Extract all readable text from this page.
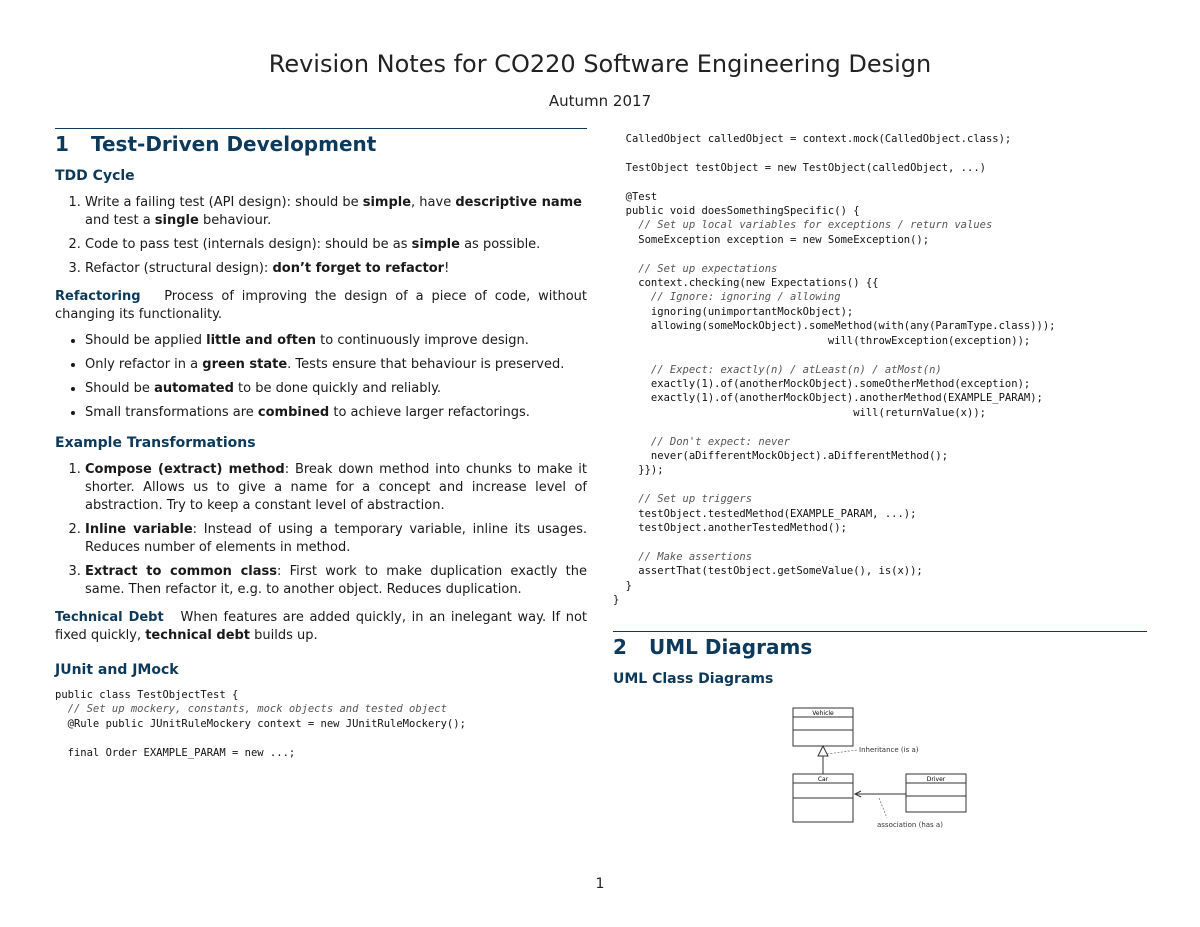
Revision Notes for CO220 Software Engineering Design
Autumn 2017
1 Test-Driven Development
TDD Cycle
1. Write a failing test (API design): should be simple, have descriptive name and test a single behaviour.
2. Code to pass test (internals design): should be as simple as possible.
3. Refactor (structural design): don’t forget to refactor!

Refactoring Process of improving the design of a piece of code, without changing its functionality.

• Should be applied little and often to continuously improve design.
• Only refactor in a green state. Tests ensure that behaviour is preserved.
• Should be automated to be done quickly and reliably.
• Small transformations are combined to achieve larger refactorings.
Example Transformations
1. Compose (extract) method: Break down method into chunks to make it shorter. Allows us to give a name for a concept and increase level of abstraction. Try to keep a constant level of abstraction.
2. Inline variable: Instead of using a temporary variable, inline its usages. Reduces number of elements in method.
3. Extract to common class: First work to make duplication exactly the same. Then refactor it, e.g. to another object. Reduces duplication.

Technical Debt When features are added quickly, in an inelegant way. If not fixed quickly, technical debt builds up.

JUnit and JMock
public class TestObjectTest {
// Set up mockery, constants, mock objects and tested object
@Rule public JUnitRuleMockery context = new JUnitRuleMockery();

final Order EXAMPLE_PARAM = new ...;
CalledObject calledObject = context.mock(CalledObject.class);

TestObject testObject = new TestObject(calledObject, ...)

@Test
public void doesSomethingSpecific() {
// Set up local variables for exceptions / return values
SomeException exception = new SomeException();

// Set up expectations
context.checking(new Expectations() {{
// Ignore: ignoring / allowing
ignoring(unimportantMockObject);
allowing(someMockObject).someMethod(with(any(ParamType.class)));
will(throwException(exception));

// Expect: exactly(n) / atLeast(n) / atMost(n)
exactly(1).of(anotherMockObject).someOtherMethod(exception);
exactly(1).of(anotherMockObject).anotherMethod(EXAMPLE_PARAM);
will(returnValue(x));

// Don't expect: never
never(aDifferentMockObject).aDifferentMethod();
}});

// Set up triggers
testObject.testedMethod(EXAMPLE_PARAM, ...);
testObject.anotherTestedMethod();

// Make assertions
assertThat(testObject.getSomeValue(), is(x));
}
}
2 UML Diagrams
UML Class Diagrams
Vehicle
Inheritance (is a)
Car	Driver
association (has a)
1
